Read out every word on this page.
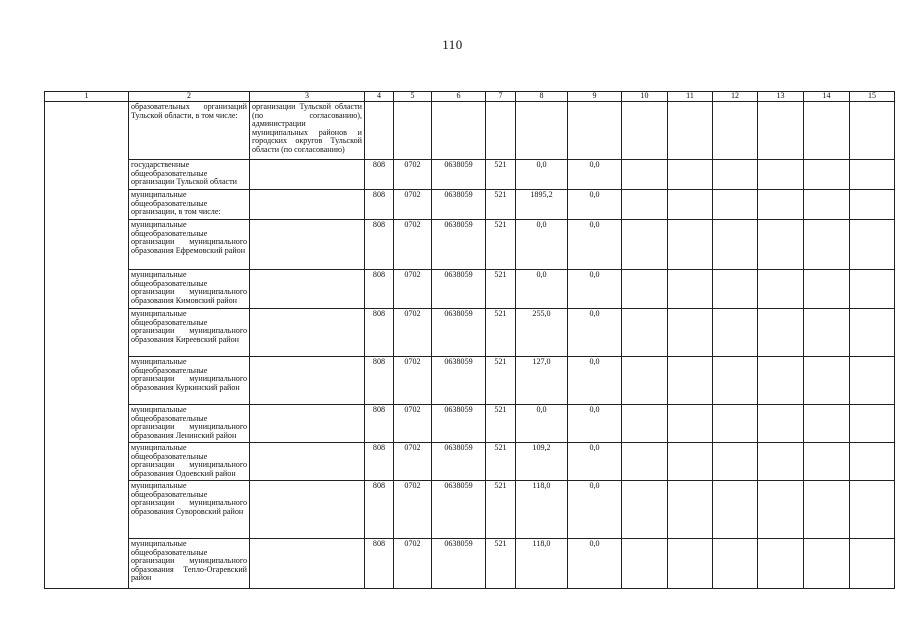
110
1	2	3	4	5	6	7	8	9	10	11	12	13	14	15
	образовательных организаций Тульской области, в том числе:	организации Тульской области (по согласованию), администрации муниципальных районов и городских округов Тульской области (по согласованию)												
	государственные общеобразовательные организации Тульской области		808	0702	0638059	521	0,0	0,0						
	муниципальные общеобразовательные организации, в том числе:		808	0702	0638059	521	1895,2	0,0						
	муниципальные общеобразовательные организации муниципального образования Ефремовский район		808	0702	0638059	521	0,0	0,0						
	муниципальные общеобразовательные организации муниципального образования Кимовский район		808	0702	0638059	521	0,0	0,0						
	муниципальные общеобразовательные организации муниципального образования Киреевский район		808	0702	0638059	521	255,0	0,0						
	муниципальные общеобразовательные организации муниципального образования Куркинский район		808	0702	0638059	521	127,0	0,0						
	муниципальные общеобразовательные организации муниципального образования Ленинский район		808	0702	0638059	521	0,0	0,0						
	муниципальные общеобразовательные организации муниципального образования Одоевский район		808	0702	0638059	521	109,2	0,0						
	муниципальные общеобразовательные организации муниципального образования Суворовский район		808	0702	0638059	521	118,0	0,0						
	муниципальные общеобразовательные организации муниципального образования Тепло-Огаревский район		808	0702	0638059	521	118,0	0,0						
